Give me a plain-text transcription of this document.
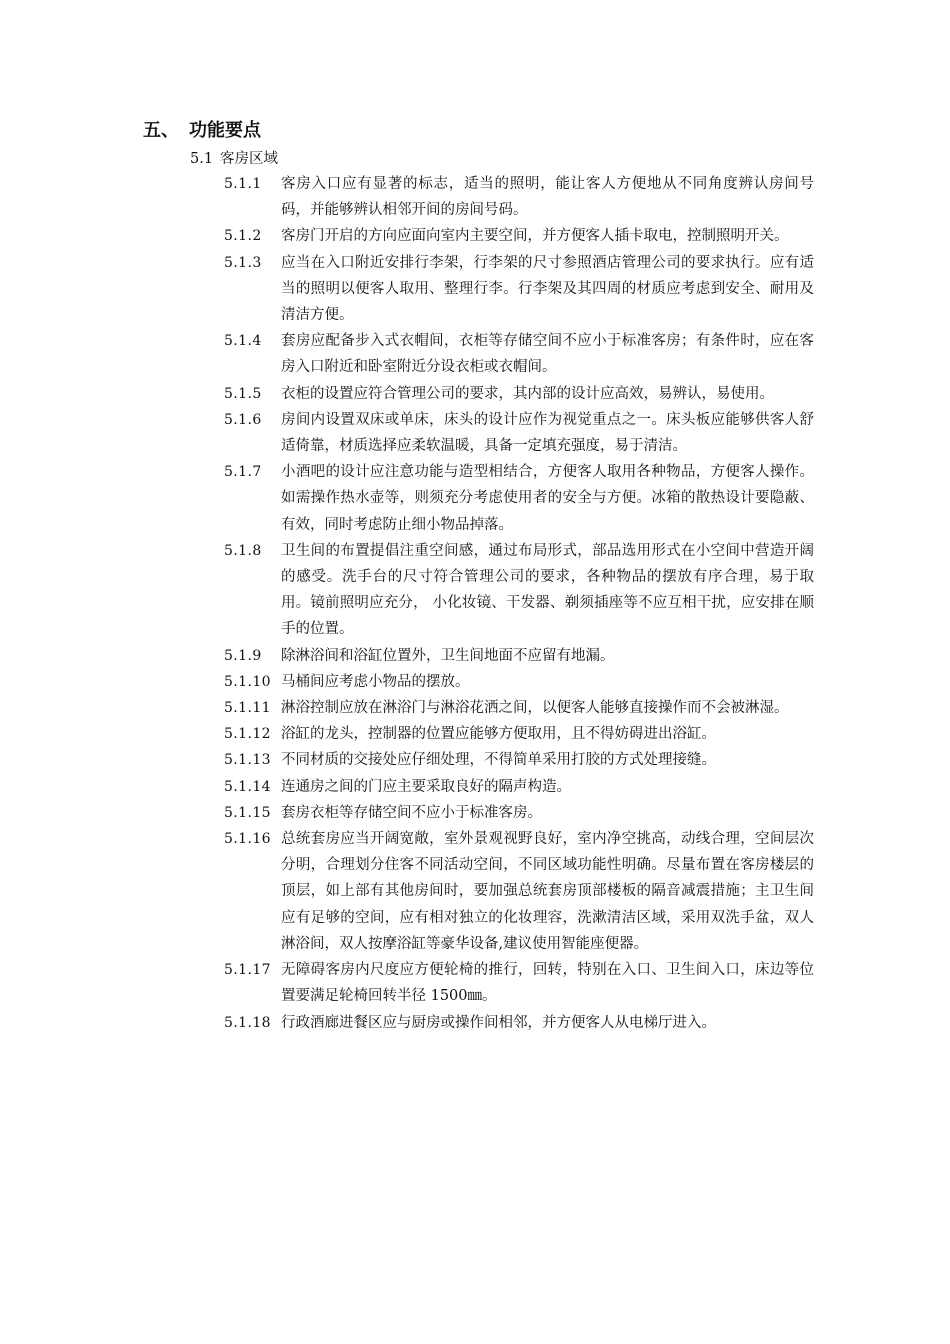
五、 功能要点
5.1 客房区域
5.1.1	客房入口应有显著的标志，适当的照明，能让客人方便地从不同角度辨认房间号码，并能够辨认相邻开间的房间号码。
5.1.2	客房门开启的方向应面向室内主要空间，并方便客人插卡取电，控制照明开关。
5.1.3	应当在入口附近安排行李架，行李架的尺寸参照酒店管理公司的要求执行。应有适当的照明以便客人取用、整理行李。行李架及其四周的材质应考虑到安全、耐用及清洁方便。
5.1.4	套房应配备步入式衣帽间，衣柜等存储空间不应小于标准客房；有条件时，应在客房入口附近和卧室附近分设衣柜或衣帽间。
5.1.5	衣柜的设置应符合管理公司的要求，其内部的设计应高效，易辨认，易使用。
5.1.6	房间内设置双床或单床，床头的设计应作为视觉重点之一。床头板应能够供客人舒适倚靠，材质选择应柔软温暖，具备一定填充强度，易于清洁。
5.1.7	小酒吧的设计应注意功能与造型相结合，方便客人取用各种物品，方便客人操作。如需操作热水壶等，则须充分考虑使用者的安全与方便。冰箱的散热设计要隐蔽、有效，同时考虑防止细小物品掉落。
5.1.8	卫生间的布置提倡注重空间感，通过布局形式，部品选用形式在小空间中营造开阔的感受。洗手台的尺寸符合管理公司的要求，各种物品的摆放有序合理，易于取用。镜前照明应充分， 小化妆镜、干发器、剃须插座等不应互相干扰，应安排在顺手的位置。
5.1.9	除淋浴间和浴缸位置外，卫生间地面不应留有地漏。
5.1.10 马桶间应考虑小物品的摆放。
5.1.11 淋浴控制应放在淋浴门与淋浴花洒之间，以便客人能够直接操作而不会被淋湿。
5.1.12 浴缸的龙头，控制器的位置应能够方便取用，且不得妨碍进出浴缸。
5.1.13 不同材质的交接处应仔细处理，不得简单采用打胶的方式处理接缝。
5.1.14 连通房之间的门应主要采取良好的隔声构造。
5.1.15 套房衣柜等存储空间不应小于标准客房。
5.1.16 总统套房应当开阔宽敞，室外景观视野良好，室内净空挑高，动线合理，空间层次分明，合理划分住客不同活动空间，不同区域功能性明确。尽量布置在客房楼层的顶层，如上部有其他房间时，要加强总统套房顶部楼板的隔音减震措施；主卫生间应有足够的空间，应有相对独立的化妆理容，洗漱清洁区域，采用双洗手盆，双人淋浴间，双人按摩浴缸等豪华设备,建议使用智能座便器。
5.1.17 无障碍客房内尺度应方便轮椅的推行，回转，特别在入口、卫生间入口，床边等位置要满足轮椅回转半径 1500㎜。
5.1.18 行政酒廊进餐区应与厨房或操作间相邻，并方便客人从电梯厅进入。
